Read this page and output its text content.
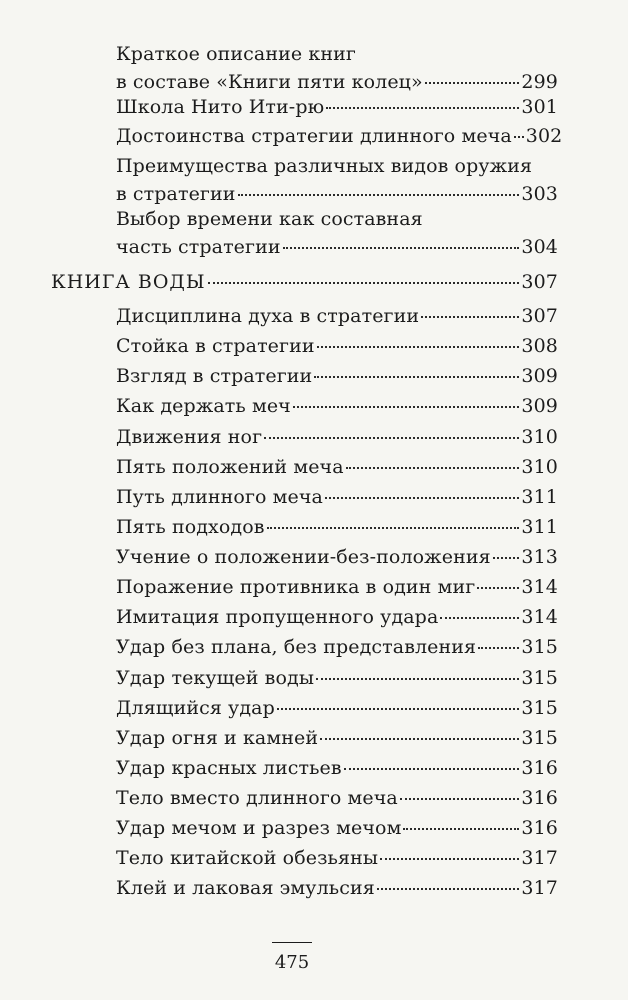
Краткое описание книг
в составе «Книги пяти колец»	299
Школа Нито Ити-рю	301
Достоинства стратегии длинного меча 302
Преимущества различных видов оружия
в стратегии	303
Выбор времени как составная
часть стратегии	304
КНИГА ВОДЫ	307
Дисциплина духа в стратегии	307
Стойка в стратегии	308
Взгляд в стратегии	309
Как держать меч	309
Движения ног	310
Пять положений меча	310
Путь длинного меча	311
Пять подходов	311
Учение о положении-без-положения 313
Поражение противника в один миг 314
Имитация пропущенного удара	314
Удар без плана, без представления 315
Удар текущей воды	315
Длящийся удар	315
Удар огня и камней	315
Удар красных листьев	316
Тело вместо длинного меча	316
Удар мечом и разрез мечом	316
Тело китайской обезьяны	317
Клей и лаковая эмульсия	317
475
